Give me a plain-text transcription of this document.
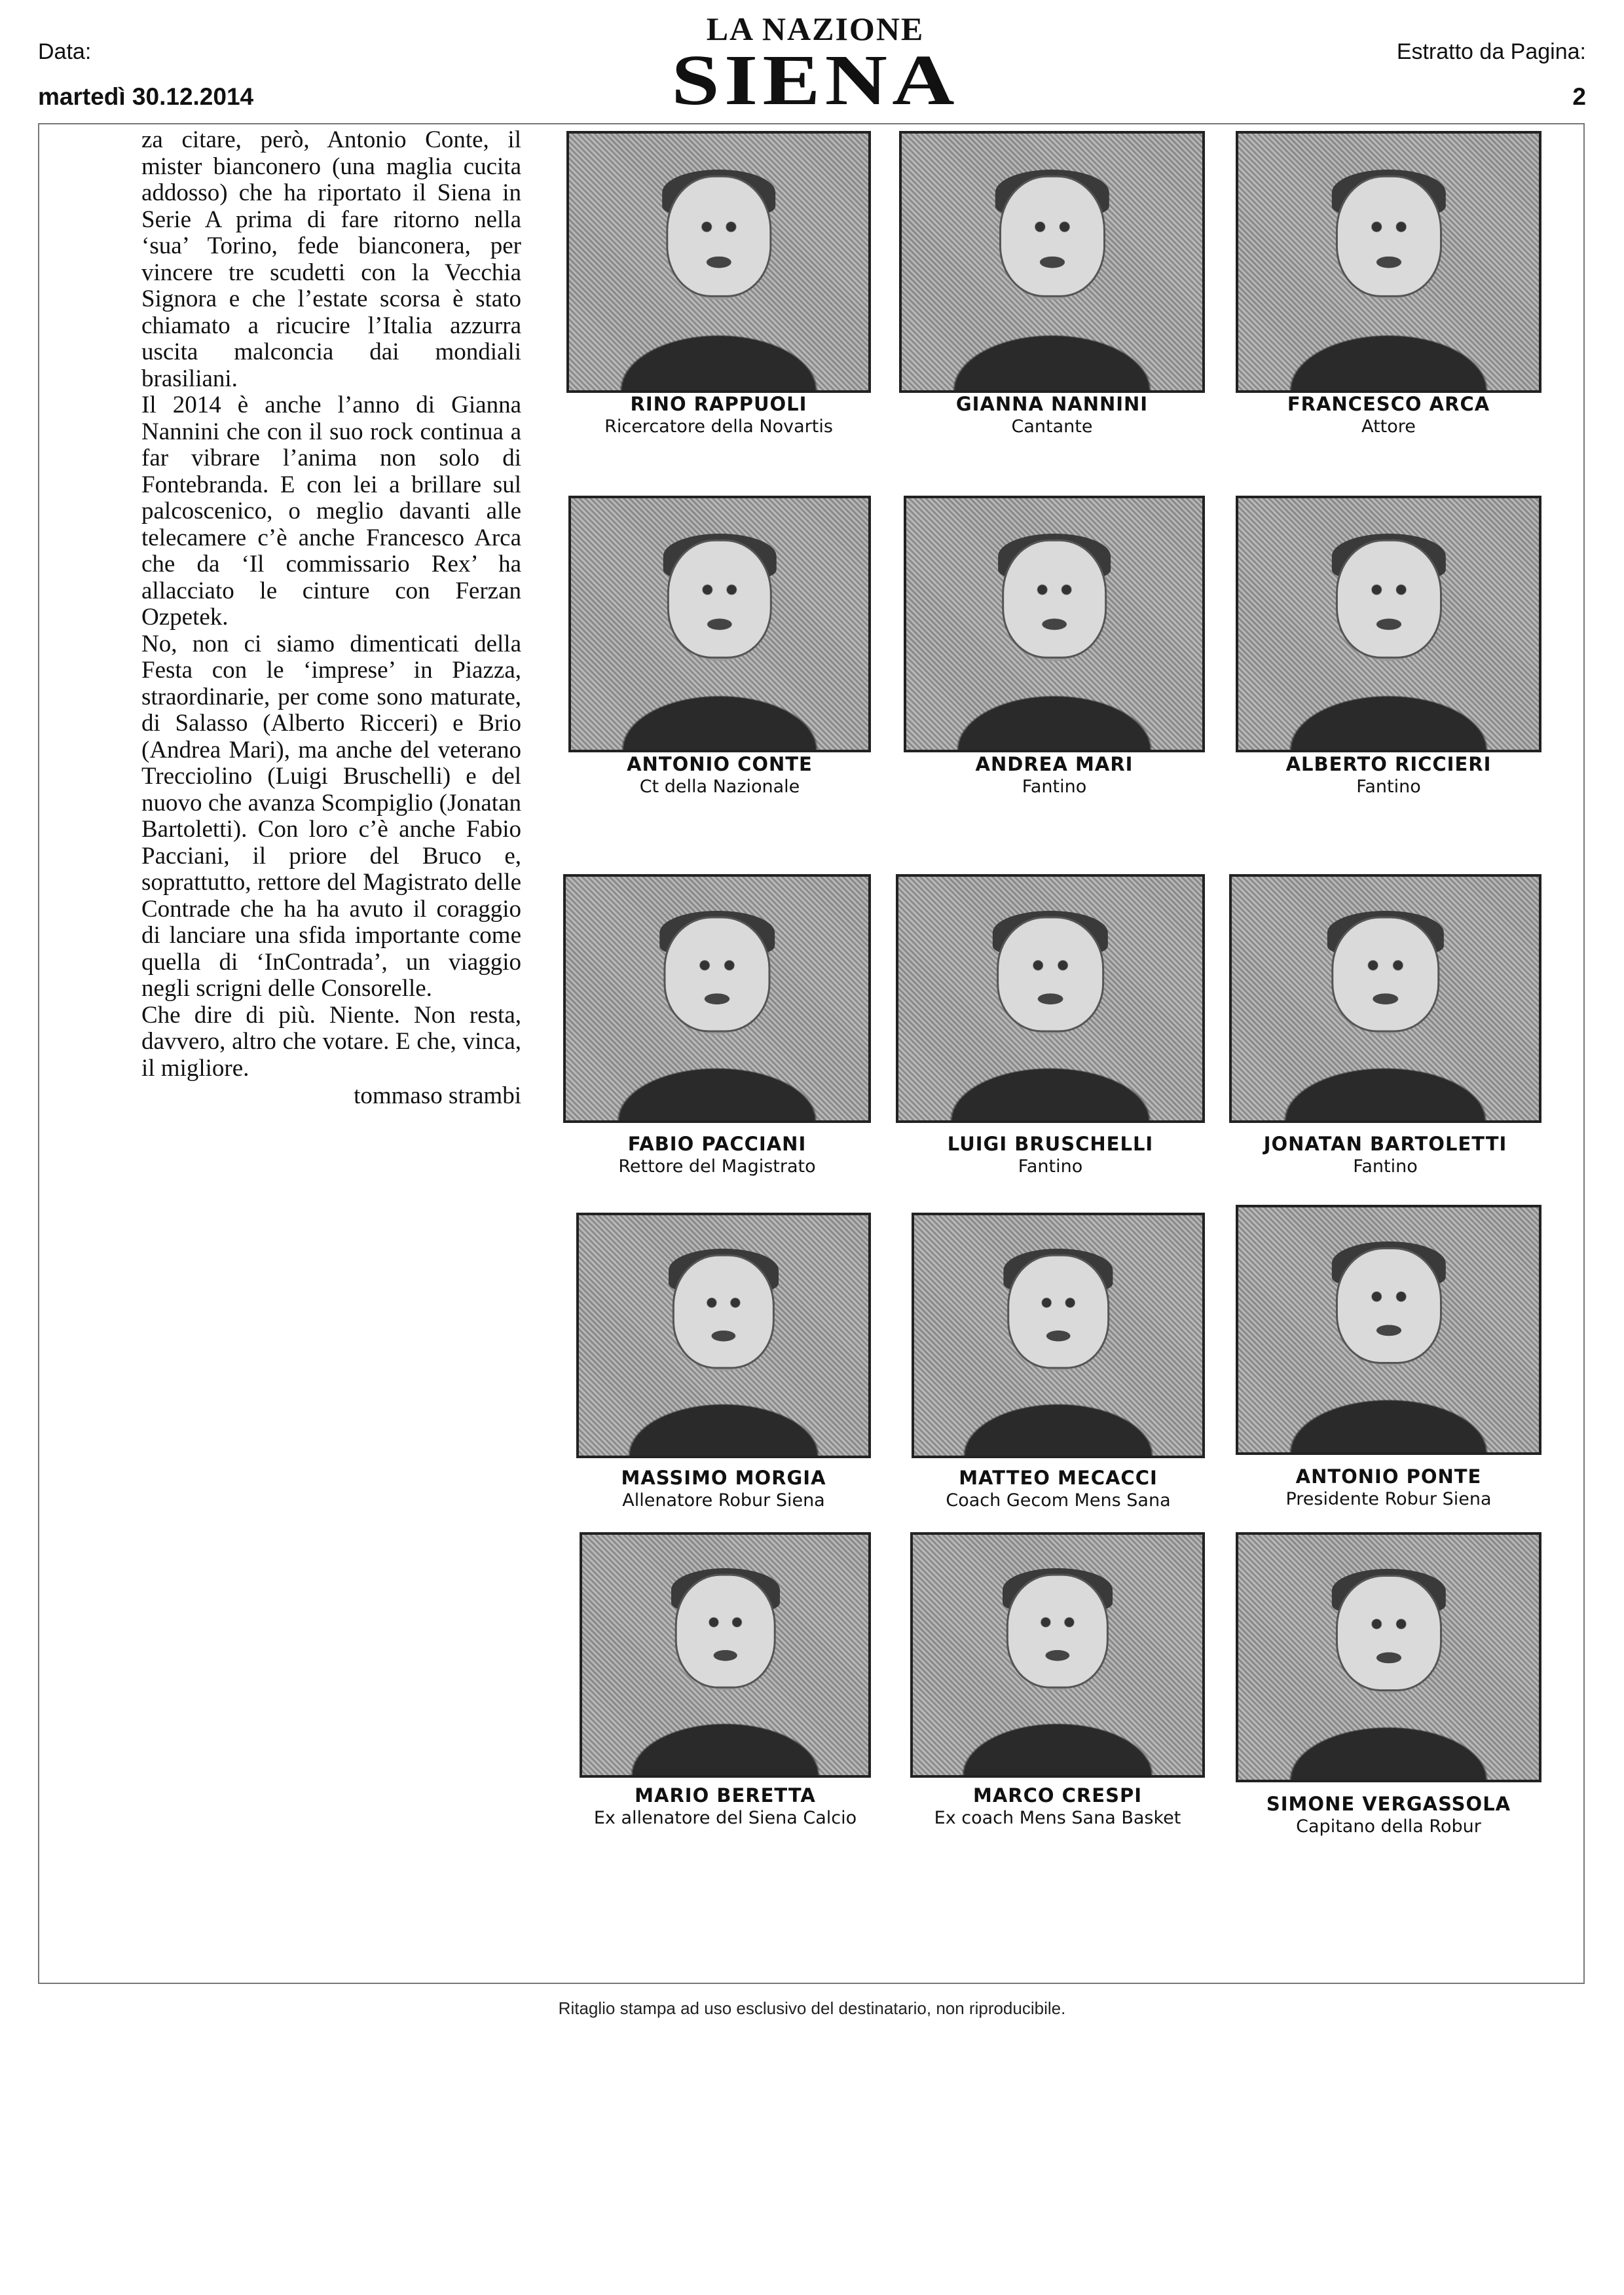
Data:
martedì 30.12.2014
LA NAZIONE
SIENA	Estratto da Pagina:
2

za citare, però, Antonio Conte, il mister bianconero (una maglia cucita addosso) che ha riportato il Siena in Serie A prima di fare ritorno nella ‘sua’ Torino, fede bianconera, per vincere tre scudetti con la Vecchia Signora e che l’estate scorsa è stato chiamato a ricucire l’Italia azzurra uscita malconcia dai mondiali brasiliani.

Il 2014 è anche l’anno di Gianna Nannini che con il suo rock continua a far vibrare l’anima non solo di Fontebranda. E con lei a brillare sul palcoscenico, o meglio davanti alle telecamere c’è anche Francesco Arca che da ‘Il commissario Rex’ ha allacciato le cinture con Ferzan Ozpetek.

No, non ci siamo dimenticati della Festa con le ‘imprese’ in Piazza, straordinarie, per come sono maturate, di Salasso (Alberto Ricceri) e Brio (Andrea Mari), ma anche del veterano Trecciolino (Luigi Bruschelli) e del nuovo che avanza Scompiglio (Jonatan Bartoletti). Con loro c’è anche Fabio Pacciani, il priore del Bruco e, soprattutto, rettore del Magistrato delle Contrade che ha ha avuto il coraggio di lanciare una sfida importante come quella di ‘InContrada’, un viaggio negli scrigni delle Consorelle.

Che dire di più. Niente. Non resta, davvero, altro che votare. E che, vinca, il migliore.

tommaso strambi
RINO RAPPUOLI
Ricercatore della Novartis
GIANNA NANNINI
Cantante
FRANCESCO ARCA
Attore
ANTONIO CONTE
Ct della Nazionale
ANDREA MARI
Fantino
ALBERTO RICCIERI
Fantino
FABIO PACCIANI
Rettore del Magistrato
LUIGI BRUSCHELLI
Fantino
JONATAN BARTOLETTI
Fantino
MASSIMO MORGIA
Allenatore Robur Siena
MATTEO MECACCI
Coach Gecom Mens Sana
ANTONIO PONTE
Presidente Robur Siena
MARIO BERETTA
Ex allenatore del Siena Calcio
MARCO CRESPI
Ex coach Mens Sana Basket
SIMONE VERGASSOLA
Capitano della Robur
Ritaglio stampa ad uso esclusivo del destinatario, non riproducibile.
